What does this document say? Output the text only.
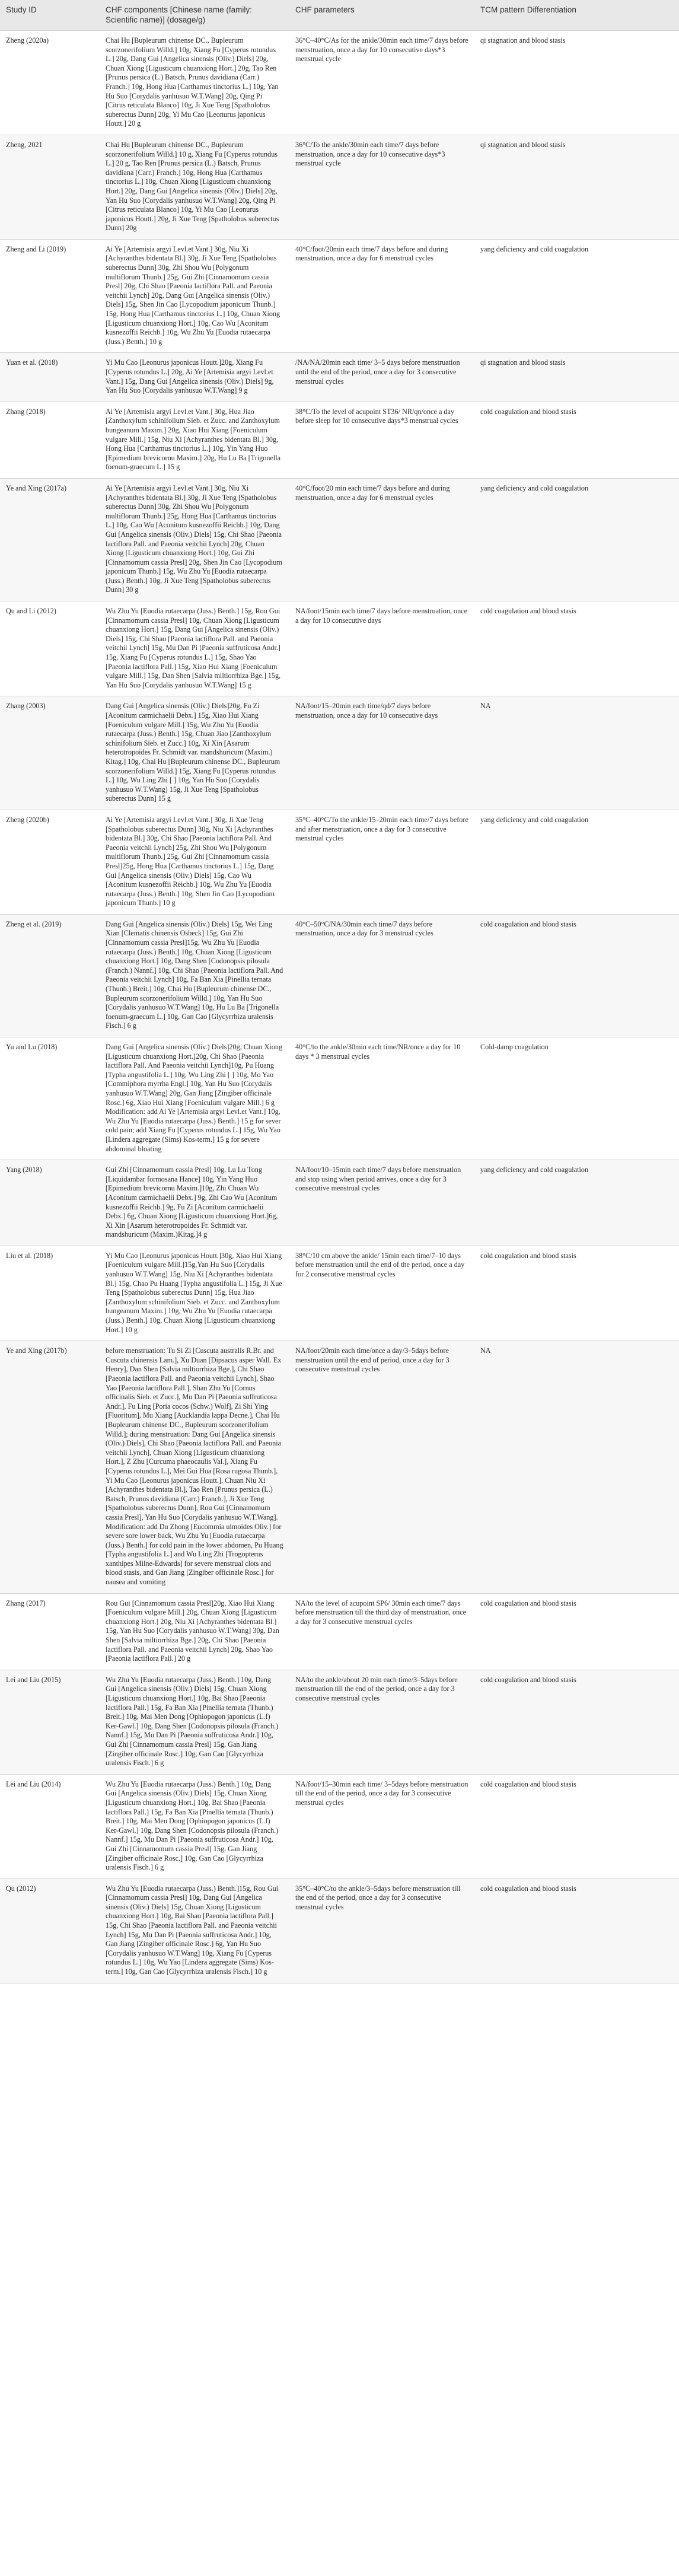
Study ID	CHF components [Chinese name (family: Scientific name)] (dosage/g)	CHF parameters	TCM pattern Differentiation
Zheng (2020a)	Chai Hu [Bupleurum chinense DC., Bupleurum scorzonerifolium Willd.] 10g, Xiang Fu [Cyperus rotundus L.] 20g, Dang Gui [Angelica sinensis (Oliv.) Diels] 20g, Chuan Xiong [Ligusticum chuanxiong Hort.] 20g, Tao Ren [Prunus persica (L.) Batsch, Prunus davidiana (Carr.) Franch.] 10g, Hong Hua [Carthamus tinctorius L.] 10g, Yan Hu Suo [Corydalis yanhusuo W.T.Wang] 20g, Qing Pi [Citrus reticulata Blanco] 10g, Ji Xue Teng [Spatholobus suberectus Dunn] 20g, Yi Mu Cao [Leonurus japonicus Houtt.] 20 g	36°C–40°C/As for the ankle/30min each time/7 days before menstruation, once a day for 10 consecutive days*3 menstrual cycle	qi stagnation and blood stasis
Zheng, 2021	Chai Hu [Bupleurum chinense DC., Bupleurum scorzonerifolium Willd.] 10 g, Xiang Fu [Cyperus rotundus L.] 20 g, Tao Ren [Prunus persica (L.) Batsch, Prunus davidiana (Carr.) Franch.] 10g, Hong Hua [Carthamus tinctorius L.] 10g, Chuan Xiong [Ligusticum chuanxiong Hort.] 20g, Dang Gui [Angelica sinensis (Oliv.) Diels] 20g, Yan Hu Suo [Corydalis yanhusuo W.T.Wang] 20g, Qing Pi [Citrus reticulata Blanco] 10g, Yi Mu Cao [Leonurus japonicus Houtt.] 20g, Ji Xue Teng [Spatholobus suberectus Dunn] 20g	36°C/To the ankle/30min each time/7 days before menstruation, once a day for 10 consecutive days*3 menstrual cycle	qi stagnation and blood stasis
Zheng and Li (2019)	Ai Ye [Artemisia argyi Levl.et Vant.] 30g, Niu Xi [Achyranthes bidentata Bl.] 30g, Ji Xue Teng [Spatholobus suberectus Dunn] 30g, Zhi Shou Wu [Polygonum multiflorum Thunb.] 25g, Gui Zhi [Cinnamomum cassia Presl] 20g, Chi Shao [Paeonia lactiflora Pall. and Paeonia veitchii Lynch] 20g, Dang Gui [Angelica sinensis (Oliv.) Diels] 15g, Shen Jin Cao [Lycopodium japonicum Thunb.] 15g, Hong Hua [Carthamus tinctorius L.] 10g, Chuan Xiong [Ligusticum chuanxiong Hort.] 10g, Cao Wu [Aconitum kusnezoffii Reichb.] 10g, Wu Zhu Yu [Euodia rutaecarpa (Juss.) Benth.] 10 g	40°C/foot/20min each time/7 days before and during menstruation, once a day for 6 menstrual cycles	yang deficiency and cold coagulation
Yuan et al. (2018)	Yi Mu Cao [Leonurus japonicus Houtt.]20g, Xiang Fu [Cyperus rotundus L.] 20g, Ai Ye [Artemisia argyi Levl.et Vant.] 15g, Dang Gui [Angelica sinensis (Oliv.) Diels] 9g, Yan Hu Suo [Corydalis yanhusuo W.T.Wang] 9 g	/NA/NA/20min each time/ 3–5 days before menstruation until the end of the period, once a day for 3 consecutive menstrual cycles	qi stagnation and blood stasis
Zhang (2018)	Ai Ye [Artemisia argyi Levl.et Vant.] 30g, Hua Jiao [Zanthoxylum schinifolium Sieb. et Zucc. and Zanthoxylum bungeanum Maxim.] 20g, Xiao Hui Xiang [Foeniculum vulgare Mill.] 15g, Niu Xi [Achyranthes bidentata Bl.] 30g, Hong Hua [Carthamus tinctorius L.] 10g, Yin Yang Huo [Epimedium brevicornu Maxim.] 20g, Hu Lu Ba [Trigonella foenum-graecum L.] 15 g	38°C/To the level of acupoint ST36/ NR/qn/once a day before sleep for 10 consecutive days*3 menstrual cycles	cold coagulation and blood stasis
Ye and Xing (2017a)	Ai Ye [Artemisia argyi Levl.et Vant.] 30g, Niu Xi [Achyranthes bidentata Bl.] 30g, Ji Xue Teng [Spatholobus suberectus Dunn] 30g, Zhi Shou Wu [Polygonum multiflorum Thunb.] 25g, Hong Hua [Carthamus tinctorius L.] 10g, Cao Wu [Aconitum kusnezoffii Reichb.] 10g, Dang Gui [Angelica sinensis (Oliv.) Diels] 15g, Chi Shao [Paeonia lactiflora Pall. and Paeonia veitchii Lynch] 20g, Chuan Xiong [Ligusticum chuanxiong Hort.] 10g, Gui Zhi [Cinnamomum cassia Presl] 20g, Shen Jin Cao [Lycopodium japonicum Thunb.] 15g, Wu Zhu Yu [Euodia rutaecarpa (Juss.) Benth.] 10g, Ji Xue Teng [Spatholobus suberectus Dunn] 30 g	40°C/foot/20 min each time/7 days before and during menstruation, once a day for 6 menstrual cycles	yang deficiency and cold coagulation
Qu and Li (2012)	Wu Zhu Yu [Euodia rutaecarpa (Juss.) Benth.] 15g, Rou Gui [Cinnamomum cassia Presl] 10g, Chuan Xiong [Ligusticum chuanxiong Hort.] 15g, Dang Gui [Angelica sinensis (Oliv.) Diels] 15g, Chi Shao [Paeonia lactiflora Pall. and Paeonia veitchii Lynch] 15g, Mu Dan Pi [Paeonia suffruticosa Andr.] 15g, Xiang Fu [Cyperus rotundus L.] 15g, Shao Yao [Paeonia lactiflora Pall.] 15g, Xiao Hui Xiang [Foeniculum vulgare Mill.] 15g, Dan Shen [Salvia miltiorrhiza Bge.] 15g, Yan Hu Suo [Corydalis yanhusuo W.T.Wang] 15 g	NA/foot/15min each time/7 days before menstruation, once a day for 10 consecutive days	cold coagulation and blood stasis
Zhang (2003)	Dang Gui [Angelica sinensis (Oliv.) Diels]20g, Fu Zi [Aconitum carmichaelii Debx.] 15g, Xiao Hui Xiang [Foeniculum vulgare Mill.] 15g, Wu Zhu Yu [Euodia rutaecarpa (Juss.) Benth.] 15g, Chuan Jiao [Zanthoxylum schinifolium Sieb. et Zucc.] 10g, Xi Xin [Asarum heterotropoides Fr. Schmidt var. mandshuricum (Maxim.) Kitag.] 10g, Chai Hu [Bupleurum chinense DC., Bupleurum scorzonerifolium Willd.] 15g, Xiang Fu [Cyperus rotundus L.] 10g, Wu Ling Zhi [ ] 10g, Yan Hu Suo [Corydalis yanhusuo W.T.Wang] 15g, Ji Xue Teng [Spatholobus suberectus Dunn] 15 g	NA/foot/15–20min each time/qd/7 days before menstruation, once a day for 10 consecutive days	NA
Zheng (2020b)	Ai Ye [Artemisia argyi Levl.et Vant.] 30g, Ji Xue Teng [Spatholobus suberectus Dunn] 30g, Niu Xi [Achyranthes bidentata Bl.] 30g, Chi Shao [Paeonia lactiflora Pall. And Paeonia veitchii Lynch] 25g, Zhi Shou Wu [Polygonum multiflorum Thunb.] 25g, Gui Zhi [Cinnamomum cassia Presl]25g, Hong Hua [Carthamus tinctorius L.] 15g, Dang Gui [Angelica sinensis (Oliv.) Diels] 15g, Cao Wu [Aconitum kusnezoffii Reichb.] 10g, Wu Zhu Yu [Euodia rutaecarpa (Juss.) Benth.] 10g, Shen Jin Cao [Lycopodium japonicum Thunb.] 10 g	35°C–40°C/To the ankle/15–20min each time/7 days before and after menstruation, once a day for 3 consecutive menstrual cycles	yang deficiency and cold coagulation
Zheng et al. (2019)	Dang Gui [Angelica sinensis (Oliv.) Diels] 15g, Wei Ling Xian [Clematis chinensis Osbeck] 15g, Gui Zhi [Cinnamomum cassia Presl]15g, Wu Zhu Yu [Euodia rutaecarpa (Juss.) Benth.] 10g, Chuan Xiong [Ligusticum chuanxiong Hort.] 10g, Dang Shen [Codonopsis pilosula (Franch.) Nannf.] 10g, Chi Shao [Paeonia lactiflora Pall. And Paeonia veitchii Lynch] 10g, Fa Ban Xia [Pinellia ternata (Thunb.) Breit.] 10g, Chai Hu [Bupleurum chinense DC., Bupleurum scorzonerifolium Willd.] 10g, Yan Hu Suo [Corydalis yanhusuo W.T.Wang] 10g, Hu Lu Ba [Trigonella foenum-graecum L.] 10g, Gan Cao [Glycyrrhiza uralensis Fisch.] 6 g	40°C–50°C/NA/30min each time/7 days before menstruation, once a day for 3 menstrual cycles	cold coagulation and blood stasis
Yu and Lu (2018)	Dang Gui [Angelica sinensis (Oliv.) Diels]20g, Chuan Xiong [Ligusticum chuanxiong Hort.]20g, Chi Shao [Paeonia lactiflora Pall. And Paeonia veitchii Lynch]10g, Pu Huang [Typha angustifolia L.] 10g, Wu Ling Zhi [ ] 10g, Mo Yao [Commiphora myrrha Engl.] 10g, Yan Hu Suo [Corydalis yanhusuo W.T.Wang] 20g, Gan Jiang [Zingiber officinale Rosc.] 6g, Xiao Hui Xiang [Foeniculum vulgare Mill.] 6 g Modification: add Ai Ye [Artemisia argyi Levl.et Vant.] 10g, Wu Zhu Yu [Euodia rutaecarpa (Juss.) Benth.] 15 g for sever cold pain; add Xiang Fu [Cyperus rotundus L.] 15g, Wu Yao [Lindera aggregate (Sims) Kos-term.] 15 g for severe abdominal bloating	40°C/to the ankle/30min each time/NR/once a day for 10 days * 3 menstrual cycles	Cold-damp coagulation
Yang (2018)	Gui Zhi [Cinnamomum cassia Presl] 10g, Lu Lu Tong [Liquidambar formosana Hance] 10g, Yin Yang Huo [Epimedium brevicornu Maxim.]10g, Zhi Chuan Wu [Aconitum carmichaelii Debx.] 9g, Zhi Cao Wu [Aconitum kusnezoffii Reichb.] 9g, Fu Zi [Aconitum carmichaelii Debx.] 6g, Chuan Xiong [Ligusticum chuanxiong Hort.]6g, Xi Xin [Asarum heterotropoides Fr. Schmidt var. mandshuricum (Maxim.)Kitag.]4 g	NA/foot/10–15min each time/7 days before menstruation and stop using when period arrives, once a day for 3 consecutive menstrual cycles	yang deficiency and cold coagulation
Liu et al. (2018)	Yi Mu Cao [Leonurus japonicus Houtt.]30g, Xiao Hui Xiang [Foeniculum vulgare Mill.]15g,Yan Hu Suo [Corydalis yanhusuo W.T.Wang] 15g, Niu Xi [Achyranthes bidentata Bl.] 15g, Chao Pu Huang [Typha angustifolia L.] 15g, Ji Xue Teng [Spatholobus suberectus Dunn] 15g, Hua Jiao [Zanthoxylum schinifolium Sieb. et Zucc. and Zanthoxylum bungeanum Maxim.] 10g, Wu Zhu Yu [Euodia rutaecarpa (Juss.) Benth.] 10g, Chuan Xiong [Ligusticum chuanxiong Hort.] 10 g	38°C/10 cm above the ankle/ 15min each time/7–10 days before menstruation until the end of the period, once a day for 2 consecutive menstrual cycles	cold coagulation and blood stasis
Ye and Xing (2017b)	before menstruation: Tu Si Zi [Cuscuta australis R.Br. and Cuscuta chinensis Lam.], Xu Duan [Dipsacus asper Wall. Ex Henry], Dan Shen [Salvia miltiorrhiza Bge.], Chi Shao [Paeonia lactiflora Pall. and Paeonia veitchii Lynch], Shao Yao [Paeonia lactiflora Pall.], Shan Zhu Yu [Cornus officinalis Sieb. et Zucc.], Mu Dan Pi [Paeonia suffruticosa Andr.], Fu Ling [Poria cocos (Schw.) Wolf], Zi Shi Ying [Fluoritum], Mu Xiang [Aucklandia lappa Decne.], Chai Hu [Bupleurum chinense DC., Bupleurum scorzonerifolium Willd.]; during menstruation: Dang Gui [Angelica sinensis (Oliv.) Diels], Chi Shao [Paeonia lactiflora Pall. and Paeonia veitchii Lynch], Chuan Xiong [Ligusticum chuanxiong Hort.], Z Zhu [Curcuma phaeocaulis Val.], Xiang Fu [Cyperus rotundus L.], Mei Gui Hua [Rosa rugosa Thunb.], Yi Mu Cao [Leonurus japonicus Houtt.], Chuan Niu Xi [Achyranthes bidentata Bl.], Tao Ren [Prunus persica (L.) Batsch, Prunus davidiana (Carr.) Franch.], Ji Xue Teng [Spatholobus suberectus Dunn], Rou Gui [Cinnamomum cassia Presl], Yan Hu Suo [Corydalis yanhusuo W.T.Wang]. Modification: add Du Zhong [Eucommia ulmoides Oliv.] for severe sore lower back, Wu Zhu Yu [Euodia rutaecarpa (Juss.) Benth.] for cold pain in the lower abdomen, Pu Huang [Typha angustifolia L.] and Wu Ling Zhi [Trogopterus xanthipes Milne-Edwards] for severe menstrual clots and blood stasis, and Gan Jiang [Zingiber officinale Rosc.] for nausea and vomiting	NA/foot/20min each time/once a day/3–5days before menstruation until the end of period, once a day for 3 consecutive menstrual cycles	NA
Zhang (2017)	Rou Gui [Cinnamomum cassia Presl]20g, Xiao Hui Xiang [Foeniculum vulgare Mill.] 20g, Chuan Xiong [Ligusticum chuanxiong Hort.] 20g, Niu Xi [Achyranthes bidentata Bl.] 15g, Yan Hu Suo [Corydalis yanhusuo W.T.Wang] 30g, Dan Shen [Salvia miltiorrhiza Bge.] 20g, Chi Shao [Paeonia lactiflora Pall. and Paeonia veitchii Lynch] 20g, Shao Yao [Paeonia lactiflora Pall.] 20 g	NA/to the level of acupoint SP6/ 30min each time/7 days before menstruation till the third day of menstruation, once a day for 3 consecutive menstrual cycles	cold coagulation and blood stasis
Lei and Liu (2015)	Wu Zhu Yu [Euodia rutaecarpa (Juss.) Benth.] 10g, Dang Gui [Angelica sinensis (Oliv.) Diels] 15g, Chuan Xiong [Ligusticum chuanxiong Hort.] 10g, Bai Shao [Paeonia lactiflora Pall.] 15g, Fa Ban Xia [Pinellia ternata (Thunb.) Breit.] 10g, Mai Men Dong [Ophiopogon japonicus (L.f) Ker-Gawl.] 10g, Dang Shen [Codonopsis pilosula (Franch.) Nannf.] 15g, Mu Dan Pi [Paeonia suffruticosa Andr.] 10g, Gui Zhi [Cinnamomum cassia Presl] 15g, Gan Jiang [Zingiber officinale Rosc.] 10g, Gan Cao [Glycyrrhiza uralensis Fisch.] 6 g	NA/to the ankle/about 20 min each time/3–5days before menstruation till the end of the period, once a day for 3 consecutive menstrual cycles	cold coagulation and blood stasis
Lei and Liu (2014)	Wu Zhu Yu [Euodia rutaecarpa (Juss.) Benth.] 10g, Dang Gui [Angelica sinensis (Oliv.) Diels] 15g, Chuan Xiong [Ligusticum chuanxiong Hort.] 10g, Bai Shao [Paeonia lactiflora Pall.] 15g, Fa Ban Xia [Pinellia ternata (Thunb.) Breit.] 10g, Mai Men Dong [Ophiopogon japonicus (L.f) Ker-Gawl.] 10g, Dang Shen [Codonopsis pilosula (Franch.) Nannf.] 15g, Mu Dan Pi [Paeonia suffruticosa Andr.] 10g, Gui Zhi [Cinnamomum cassia Presl] 15g, Gan Jiang [Zingiber officinale Rosc.] 10g, Gan Cao [Glycyrrhiza uralensis Fisch.] 6 g	NA/foot/15–30min each time/ 3–5days before menstruation till the end of the period, once a day for 3 consecutive menstrual cycles	cold coagulation and blood stasis
Qu (2012)	Wu Zhu Yu [Euodia rutaecarpa (Juss.) Benth.]15g, Rou Gui [Cinnamomum cassia Presl] 10g, Dang Gui [Angelica sinensis (Oliv.) Diels] 15g, Chuan Xiong [Ligusticum chuanxiong Hort.] 10g, Bai Shao [Paeonia lactiflora Pall.] 15g, Chi Shao [Paeonia lactiflora Pall. and Paeonia veitchii Lynch] 15g, Mu Dan Pi [Paeonia suffruticosa Andr.] 10g, Gan Jiang [Zingiber officinale Rosc.] 6g, Yan Hu Suo [Corydalis yanhusuo W.T.Wang] 10g, Xiang Fu [Cyperus rotundus L.] 10g, Wu Yao [Lindera aggregate (Sims) Kos-term.] 10g, Gan Cao [Glycyrrhiza uralensis Fisch.] 10 g	35°C–40°C/to the ankle/3–5days before menstruation till the end of the period, once a day for 3 consecutive menstrual cycles	cold coagulation and blood stasis
